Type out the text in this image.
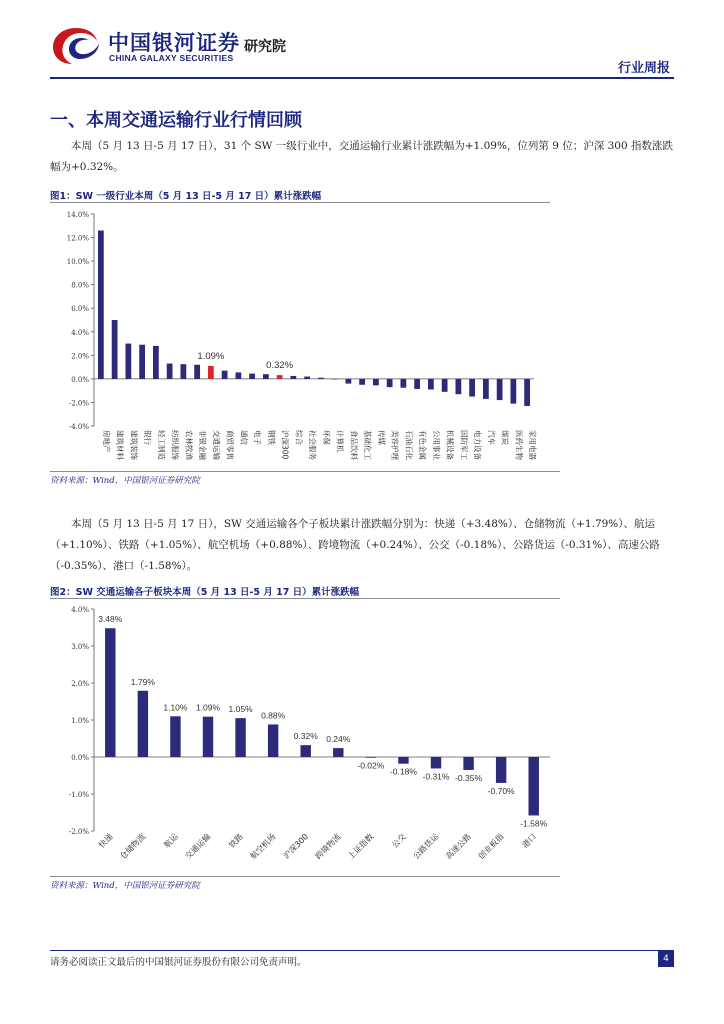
中国银河证券
CHINA GALAXY SECURITIES
研究院
行业周报
一、本周交通运输行业行情回顾
本周（5 月 13 日-5 月 17 日），31 个 SW 一级行业中，交通运输行业累计涨跌幅为+1.09%，位列第 9 位；沪深 300 指数涨跌幅为+0.32%。
图1：SW 一级行业本周（5 月 13 日-5 月 17 日）累计涨跌幅
-4.0%
-2.0%
0.0%
2.0%
4.0%
6.0%
8.0%
10.0%
12.0%
14.0%
房地产 建筑材料 建筑装饰 银行 轻工制造 纺织服饰 农林牧渔 非银金融
1.09%
交通运输 商贸零售 通信 电子 钢铁
0.32%
沪深300 综合 社会服务 环保 计算机 食品饮料 基础化工 传媒 美容护理 石油石化 有色金属 公用事业 机械设备 国防军工 电力设备 汽车 煤炭 医药生物 家用电器
资料来源：Wind，中国银河证券研究院
本周（5 月 13 日-5 月 17 日），SW 交通运输各个子板块累计涨跌幅分别为：快递（+3.48%）、仓储物流（+1.79%）、航运（+1.10%）、铁路（+1.05%）、航空机场（+0.88%）、跨境物流（+0.24%）、公交（-0.18%）、公路货运（-0.31%）、高速公路（-0.35%）、港口（-1.58%）。
图2：SW 交通运输各子板块本周（5 月 13 日-5 月 17 日）累计涨跌幅
-2.0%
-1.0%
0.0%
1.0%
2.0%
3.0%
4.0%
3.48%
快递
1.79%
仓储物流
1.10%
航运
1.09%
交通运输
1.05%
铁路
0.88%
航空机场
0.32%
沪深300
0.24%
跨境物流
-0.02%
上证指数
-0.18%
公交
-0.31%
公路货运
-0.35%
高速公路
-0.70%
创业板指
-1.58%
港口
资料来源：Wind，中国银河证券研究院
请务必阅读正文最后的中国银河证券股份有限公司免责声明。	4
